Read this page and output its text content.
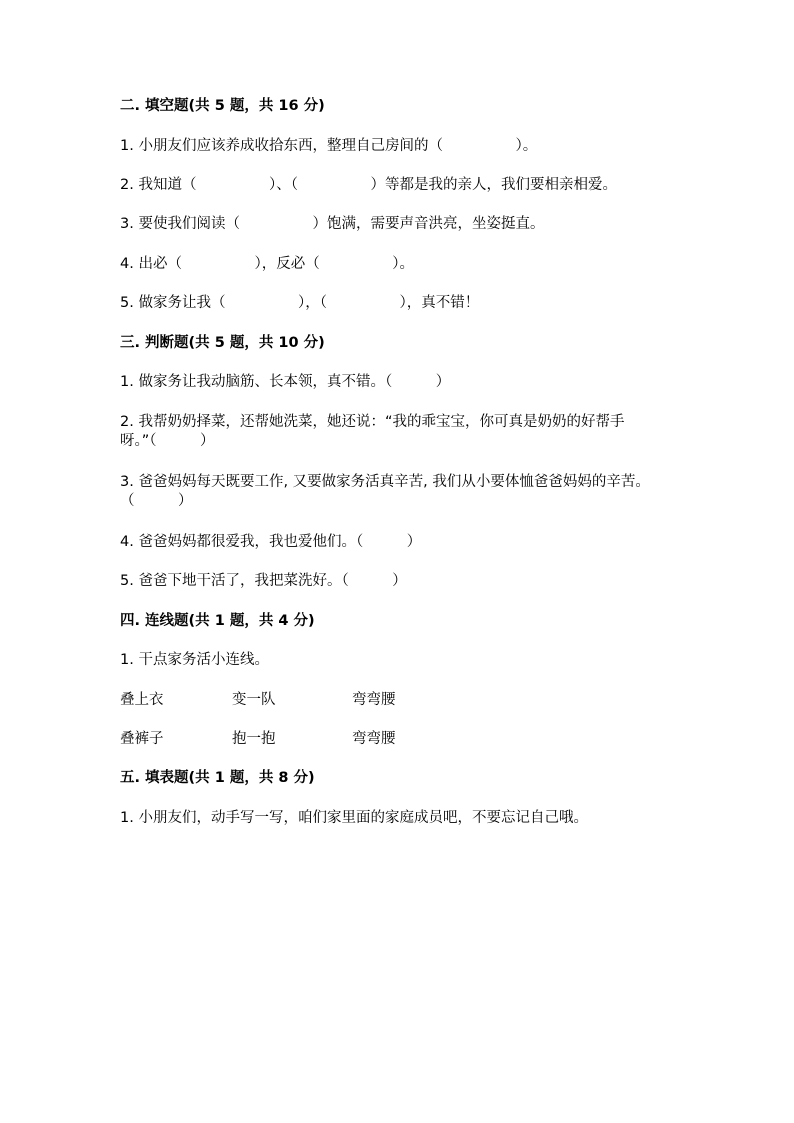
二. 填空题(共 5 题，共 16 分)
1. 小朋友们应该养成收拾东西，整理自己房间的（　　　　　）。
2. 我知道（　　　　　）、（　　　　　）等都是我的亲人，我们要相亲相爱。
3. 要使我们阅读（　　　　　）饱满，需要声音洪亮，坐姿挺直。
4. 出必（　　　　　），反必（　　　　　）。
5. 做家务让我（　　　　　），（　　　　　），真不错！
三. 判断题(共 5 题，共 10 分)
1. 做家务让我动脑筋、长本领，真不错。（　　　）
2. 我帮奶奶择菜，还帮她洗菜，她还说：“我的乖宝宝，你可真是奶奶的好帮手呀。”（　　　）
3. 爸爸妈妈每天既要工作, 又要做家务活真辛苦, 我们从小要体恤爸爸妈妈的辛苦。（　　　）
4. 爸爸妈妈都很爱我，我也爱他们。（　　　）
5. 爸爸下地干活了，我把菜洗好。（　　　）
四. 连线题(共 1 题，共 4 分)
1. 干点家务活小连线。
叠上衣	变一队	弯弯腰
叠裤子	抱一抱	弯弯腰
五. 填表题(共 1 题，共 8 分)
1. 小朋友们，动手写一写，咱们家里面的家庭成员吧，不要忘记自己哦。
